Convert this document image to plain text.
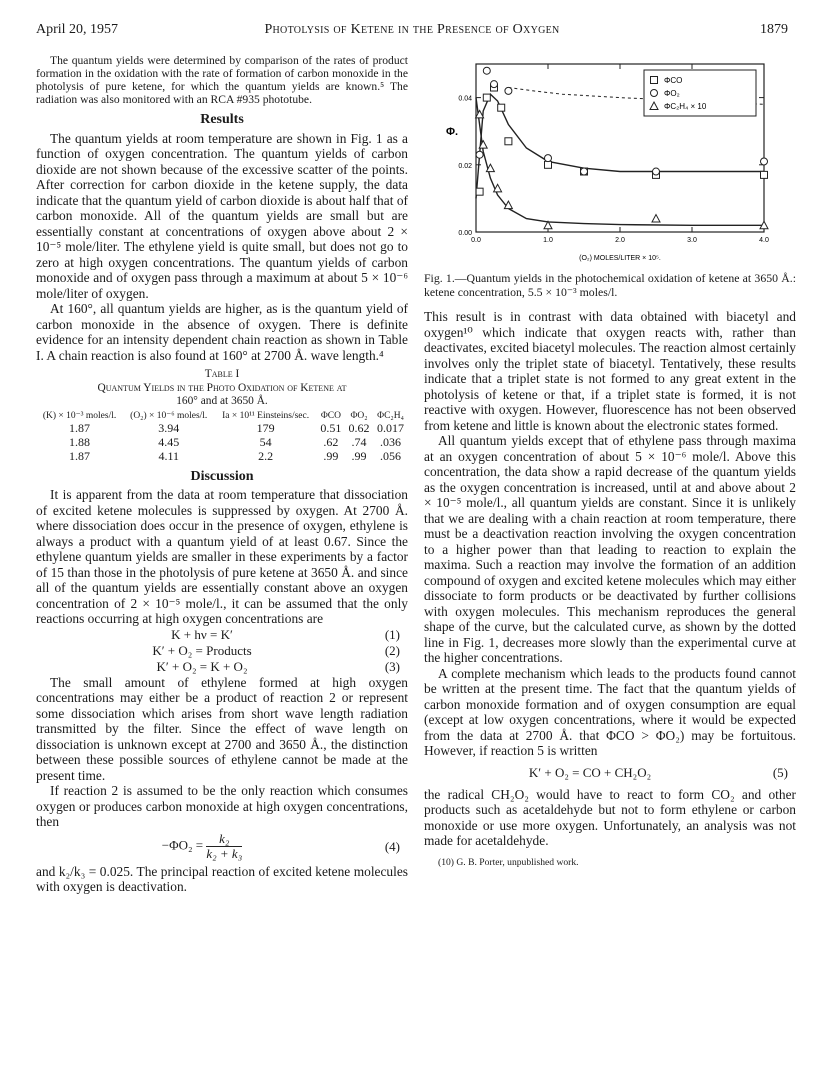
April 20, 1957	Photolysis of Ketene in the Presence of Oxygen	1879

The quantum yields were determined by comparison of the rates of product formation in the oxidation with the rate of formation of carbon monoxide in the photolysis of pure ketene, for which the quantum yields are known.⁵ The radiation was also monitored with an RCA #935 phototube.

Results

The quantum yields at room temperature are shown in Fig. 1 as a function of oxygen concentration. The quantum yields of carbon dioxide are not shown because of the excessive scatter of the points. After correction for carbon dioxide in the ketene supply, the data indicate that the quantum yield of carbon dioxide is about half that of carbon monoxide. All of the quantum yields are small but are essentially constant at concentrations of oxygen above about 2 × 10⁻⁵ mole/liter. The ethylene yield is quite small, but does not go to zero at high oxygen concentrations. The quantum yields of carbon monoxide and of oxygen pass through a maximum at about 5 × 10⁻⁶ mole/liter of oxygen.

At 160°, all quantum yields are higher, as is the quantum yield of carbon monoxide in the absence of oxygen. There is definite evidence for an intensity dependent chain reaction as shown in Table I. A chain reaction is also found at 160° at 2700 Å. wave length.⁴

Table I
Quantum Yields in the Photo Oxidation of Ketene at
160° and at 3650 Å.
(K) × 10⁻³ moles/l.	(O₂) × 10⁻⁶ moles/l.	Ia × 10¹¹ Einsteins/sec.	ΦCO	ΦO₂	ΦC₂H₄
1.87	3.94	179	0.51	0.62	0.017
1.88	4.45	54	.62	.74	.036
1.87	4.11	2.2	.99	.99	.056
Discussion

It is apparent from the data at room temperature that dissociation of excited ketene molecules is suppressed by oxygen. At 2700 Å. where dissociation does occur in the presence of oxygen, ethylene is always a product with a quantum yield of at least 0.67. Since the ethylene quantum yields are smaller in these experiments by a factor of 15 than those in the photolysis of pure ketene at 3650 Å. and since all of the quantum yields are essentially constant above an oxygen concentration of 2 × 10⁻⁵ mole/l., it can be assumed that the only reactions occurring at high oxygen concentrations are

K + hν = K′	(1)
K′ + O₂ = Products	(2)
K′ + O₂ = K + O₂	(3)

The small amount of ethylene formed at high oxygen concentrations may either be a product of reaction 2 or represent some dissociation which arises from short wave length radiation transmitted by the filter. Since the effect of wave length on dissociation is unknown except at 2700 and 3650 Å., the distinction between these possible sources of ethylene cannot be made at the present time.

If reaction 2 is assumed to be the only reaction which consumes oxygen or produces carbon monoxide at high oxygen concentrations, then

$-\Phi O_2 = \frac{\text{k₂}}{\text{k₂ + k₃}}$	(4)

and k₂/k₃ = 0.025. The principal reaction of excited ketene molecules with oxygen is deactivation.

0.0	1.0	2.0	3.0	4.0
0.00
0.02
0.04
Φ.
(O₂) MOLES/LITER × 10⁵.
ΦCO
ΦO₂
ΦC₂H₄ × 10
Fig. 1.—Quantum yields in the photochemical oxidation of ketene at 3650 Å.: ketene concentration, 5.5 × 10⁻³ moles/l.

This result is in contrast with data obtained with biacetyl and oxygen¹⁰ which indicate that oxygen reacts with, rather than deactivates, excited biacetyl molecules. The reaction almost certainly involves only the triplet state of biacetyl. Tentatively, these results indicate that a triplet state is not formed to any great extent in the photolysis of ketene or that, if a triplet state is formed, it is not reactive with oxygen. However, fluorescence has not been observed from ketene and little is known about the electronic states formed.

All quantum yields except that of ethylene pass through maxima at an oxygen concentration of about 5 × 10⁻⁶ mole/l. Above this concentration, the data show a rapid decrease of the quantum yields as the oxygen concentration is increased, until at and above about 2 × 10⁻⁵ mole/l., all quantum yields are constant. Since it is unlikely that we are dealing with a chain reaction at room temperature, there must be a deactivation reaction involving the oxygen concentration to a higher power than that leading to reaction to explain the maxima. Such a reaction may involve the formation of an addition compound of oxygen and excited ketene molecules which may either dissociate to form products or be deactivated by further collisions with oxygen molecules. This mechanism reproduces the general shape of the curve, but the calculated curve, as shown by the dotted line in Fig. 1, decreases more slowly than the experimental curve at the higher concentrations.

A complete mechanism which leads to the products found cannot be written at the present time. The fact that the quantum yields of carbon monoxide formation and of oxygen consumption are equal (except at low oxygen concentrations, where it would be expected from the data at 2700 Å. that ΦCO > ΦO₂) may be fortuitous. However, if reaction 5 is written

K′ + O₂ = CO + CH₂O₂	(5)

the radical CH₂O₂ would have to react to form CO₂ and other products such as acetaldehyde but not to form ethylene or carbon monoxide or use more oxygen. Unfortunately, an analysis was not made for acetaldehyde.

(10) G. B. Porter, unpublished work.
